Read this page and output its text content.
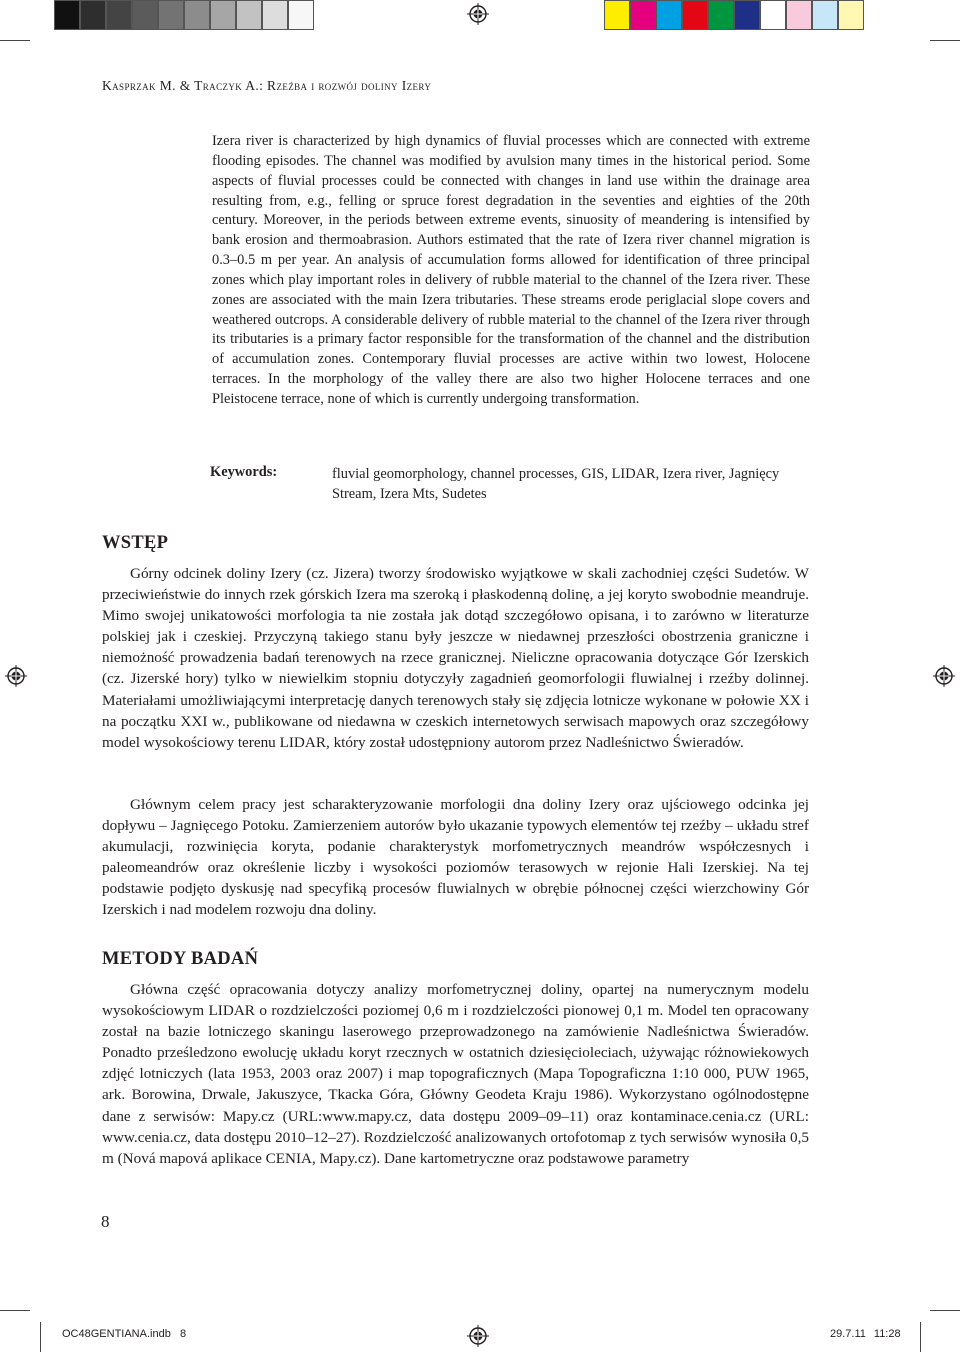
Kasprzak M. & Traczyk A.: Rzeźba i rozwój doliny Izery

Izera river is characterized by high dynamics of fluvial processes which are connected with extreme flooding episodes. The channel was modified by avulsion many times in the historical period. Some aspects of fluvial processes could be connected with changes in land use within the drainage area resulting from, e.g., felling or spruce forest degradation in the seventies and eighties of the 20th century. Moreover, in the periods between extreme events, sinuosity of meandering is intensified by bank erosion and thermoabrasion. Authors estimated that the rate of Izera river channel migration is 0.3–0.5 m per year. An analysis of accumulation forms allowed for identification of three principal zones which play important roles in delivery of rubble material to the channel of the Izera river. These zones are associated with the main Izera tributaries. These streams erode periglacial slope covers and weathered outcrops. A considerable delivery of rubble material to the channel of the Izera river through its tributaries is a primary factor responsible for the transformation of the channel and the distribution of accumulation zones. Contemporary fluvial processes are active within two lowest, Holocene terraces. In the morphology of the valley there are also two higher Holocene terraces and one Pleistocene terrace, none of which is currently undergoing transformation.

Keywords:	fluvial geomorphology, channel processes, GIS, LIDAR, Izera river, Jagnięcy Stream, Izera Mts, Sudetes
WSTĘP

Górny odcinek doliny Izery (cz. Jizera) tworzy środowisko wyjątkowe w skali zachodniej części Sudetów. W przeciwieństwie do innych rzek górskich Izera ma szeroką i płaskodenną dolinę, a jej koryto swobodnie meandruje. Mimo swojej unikatowości morfologia ta nie została jak dotąd szczegółowo opisana, i to zarówno w literaturze polskiej jak i czeskiej. Przyczyną takiego stanu były jeszcze w niedawnej przeszłości obostrzenia graniczne i niemożność prowadzenia badań terenowych na rzece granicznej. Nieliczne opracowania dotyczące Gór Izerskich (cz. Jizerské hory) tylko w niewielkim stopniu dotyczyły zagadnień geomorfologii fluwialnej i rzeźby dolinnej. Materiałami umożliwiającymi interpretację danych terenowych stały się zdjęcia lotnicze wykonane w połowie XX i na początku XXI w., publikowane od niedawna w czeskich internetowych serwisach mapowych oraz szczegółowy model wysokościowy terenu LIDAR, który został udostępniony autorom przez Nadleśnictwo Świeradów.

Głównym celem pracy jest scharakteryzowanie morfologii dna doliny Izery oraz ujściowego odcinka jej dopływu – Jagnięcego Potoku. Zamierzeniem autorów było ukazanie typowych elementów tej rzeźby – układu stref akumulacji, rozwinięcia koryta, podanie charakterystyk morfometrycznych meandrów współczesnych i paleomeandrów oraz określenie liczby i wysokości poziomów terasowych w rejonie Hali Izerskiej. Na tej podstawie podjęto dyskusję nad specyfiką procesów fluwialnych w obrębie północnej części wierzchowiny Gór Izerskich i nad modelem rozwoju dna doliny.

METODY BADAŃ

Główna część opracowania dotyczy analizy morfometrycznej doliny, opartej na numerycznym modelu wysokościowym LIDAR o rozdzielczości poziomej 0,6 m i rozdzielczości pionowej 0,1 m. Model ten opracowany został na bazie lotniczego skaningu laserowego przeprowadzonego na zamówienie Nadleśnictwa Świeradów. Ponadto prześledzono ewolucję układu koryt rzecznych w ostatnich dziesięcioleciach, używając różnowiekowych zdjęć lotniczych (lata 1953, 2003 oraz 2007) i map topograficznych (Mapa Topograficzna 1:10 000, PUW 1965, ark. Borowina, Drwale, Jakuszyce, Tkacka Góra, Główny Geodeta Kraju 1986). Wykorzystano ogólnodostępne dane z serwisów: Mapy.cz (URL:www.mapy.cz, data dostępu 2009–09–11) oraz kontaminace.cenia.cz (URL: www.cenia.cz, data dostępu 2010–12–27). Rozdzielczość analizowanych ortofotomap z tych serwisów wynosiła 0,5 m (Nová mapová aplikace CENIA, Mapy.cz). Dane kartometryczne oraz podstawowe parametry

8
OC48GENTIANA.indb   8	29.7.11 11:28
